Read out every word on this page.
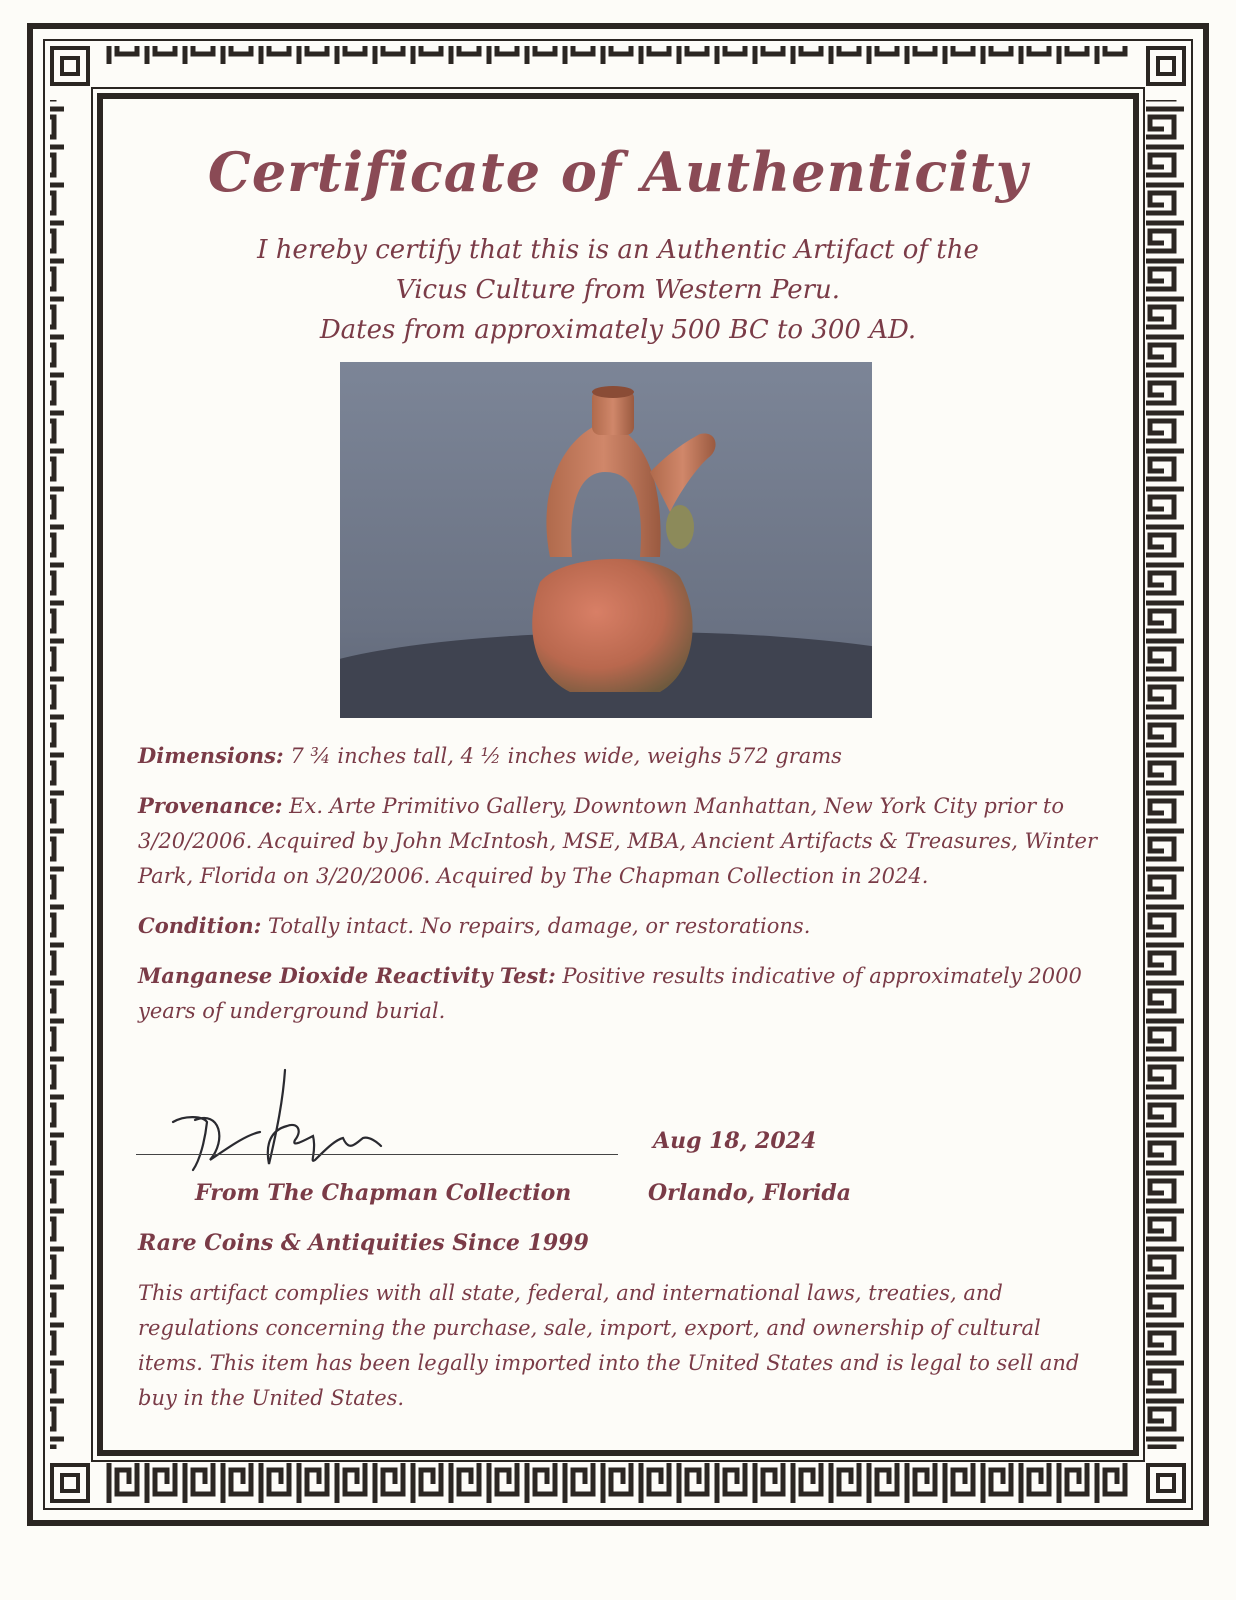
Certificate of Authenticity
I hereby certify that this is an Authentic Artifact of the
Vicus Culture from Western Peru.
Dates from approximately 500 BC to 300 AD.

Dimensions: 7 ¾ inches tall, 4 ½ inches wide, weighs 572 grams

Provenance: Ex. Arte Primitivo Gallery, Downtown Manhattan, New York City prior to 3/20/2006. Acquired by John McIntosh, MSE, MBA, Ancient Artifacts & Treasures, Winter Park, Florida on 3/20/2006. Acquired by The Chapman Collection in 2024.

Condition: Totally intact. No repairs, damage, or restorations.

Manganese Dioxide Reactivity Test: Positive results indicative of approximately 2000 years of underground burial.

Aug 18, 2024
From The Chapman Collection	Orlando, Florida
Rare Coins & Antiquities Since 1999
This artifact complies with all state, federal, and international laws, treaties, and regulations concerning the purchase, sale, import, export, and ownership of cultural items. This item has been legally imported into the United States and is legal to sell and buy in the United States.
